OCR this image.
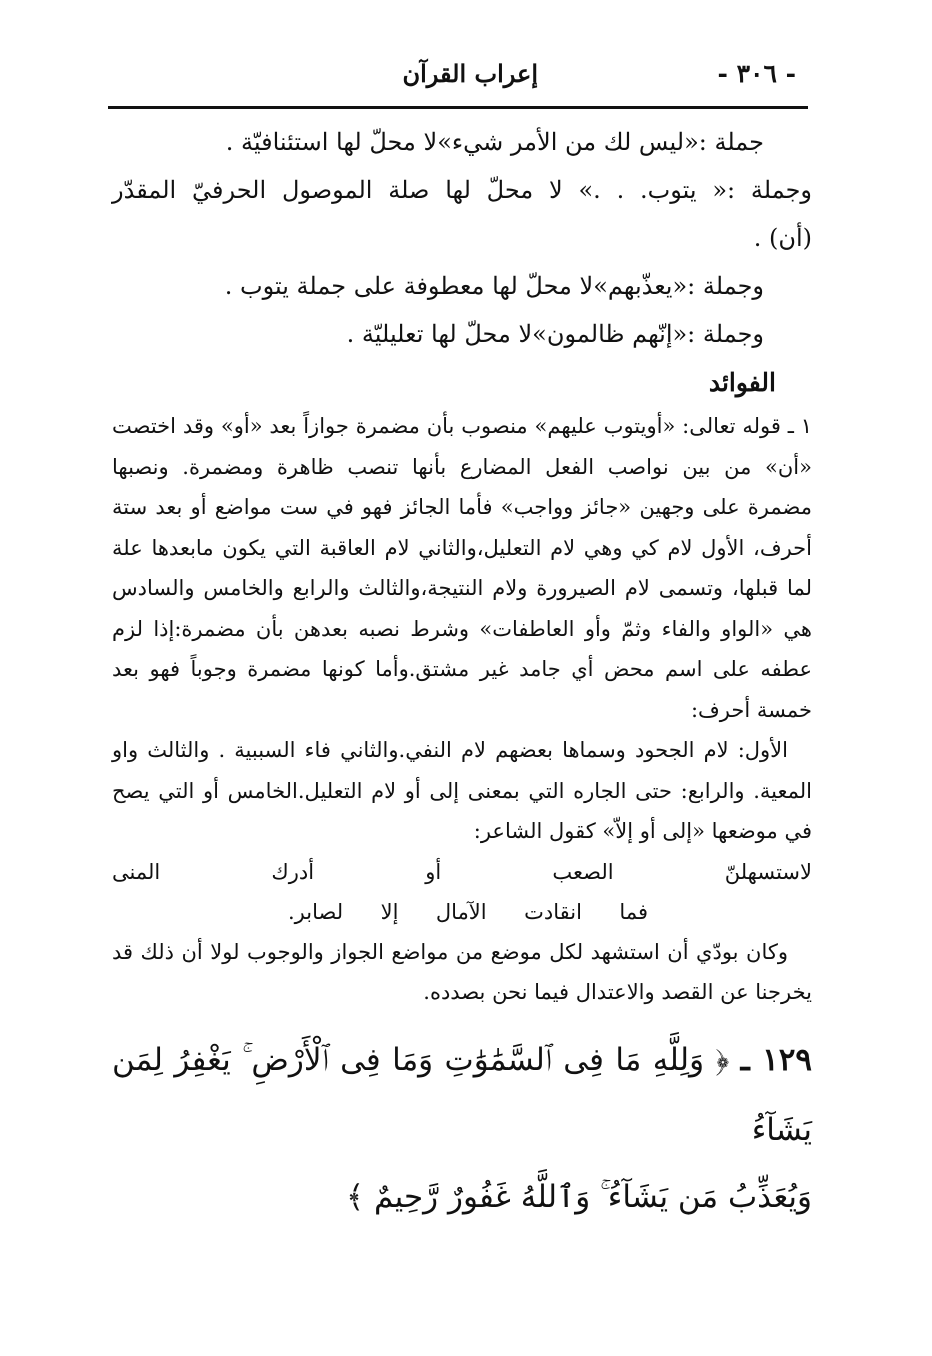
- ٣٠٦ -
إعراب القرآن
جملة :«ليس لك من الأمر شيء»لا محلّ لها استئنافيّة .
وجملة :« يتوب. . .» لا محلّ لها صلة الموصول الحرفيّ المقدّر
(أن) .
وجملة :«يعذّبهم»لا محلّ لها معطوفة على جملة يتوب .
وجملة :«إنّهم ظالمون»لا محلّ لها تعليليّة .
الفوائد

١ ـ قوله تعالى: «أويتوب عليهم» منصوب بأن مضمرة جوازاً بعد «أو» وقد اختصت «أن» من بين نواصب الفعل المضارع بأنها تنصب ظاهرة ومضمرة. ونصبها مضمرة على وجهين «جائز وواجب» فأما الجائز فهو في ست مواضع أو بعد ستة أحرف، الأول لام كي وهي لام التعليل،والثاني لام العاقبة التي يكون مابعدها علة لما قبلها، وتسمى لام الصيرورة ولام النتيجة،والثالث والرابع والخامس والسادس هي «الواو والفاء وثمّ وأو العاطفات» وشرط نصبه بعدهن بأن مضمرة:إذا لزم عطفه على اسم محض أي جامد غير مشتق.وأما كونها مضمرة وجوباً فهو بعد خمسة أحرف:

الأول: لام الجحود وسماها بعضهم لام النفي.والثاني فاء السببية . والثالث واو المعية. والرابع: حتى الجاره التي بمعنى إلى أو لام التعليل.الخامس أو التي يصح في موضعها «إلى أو إلاّ» كقول الشاعر:

لاستسهلنّ
الصعب
أو
أدرك
المنى
فما
انقادت
الآمال
إلا
لصابر.

وكان بودّي أن استشهد لكل موضع من مواضع الجواز والوجوب لولا أن ذلك قد يخرجنا عن القصد والاعتدال فيما نحن بصدده.

١٢٩ ـ ﴿ وَلِلَّهِ مَا فِى ٱلسَّمَٰوَٰتِ وَمَا فِى ٱلْأَرْضِ ۚ يَغْفِرُ لِمَن يَشَآءُ
وَيُعَذِّبُ مَن يَشَآءُ ۚ وَٱللَّهُ غَفُورٌ رَّحِيمٌ ﴾
